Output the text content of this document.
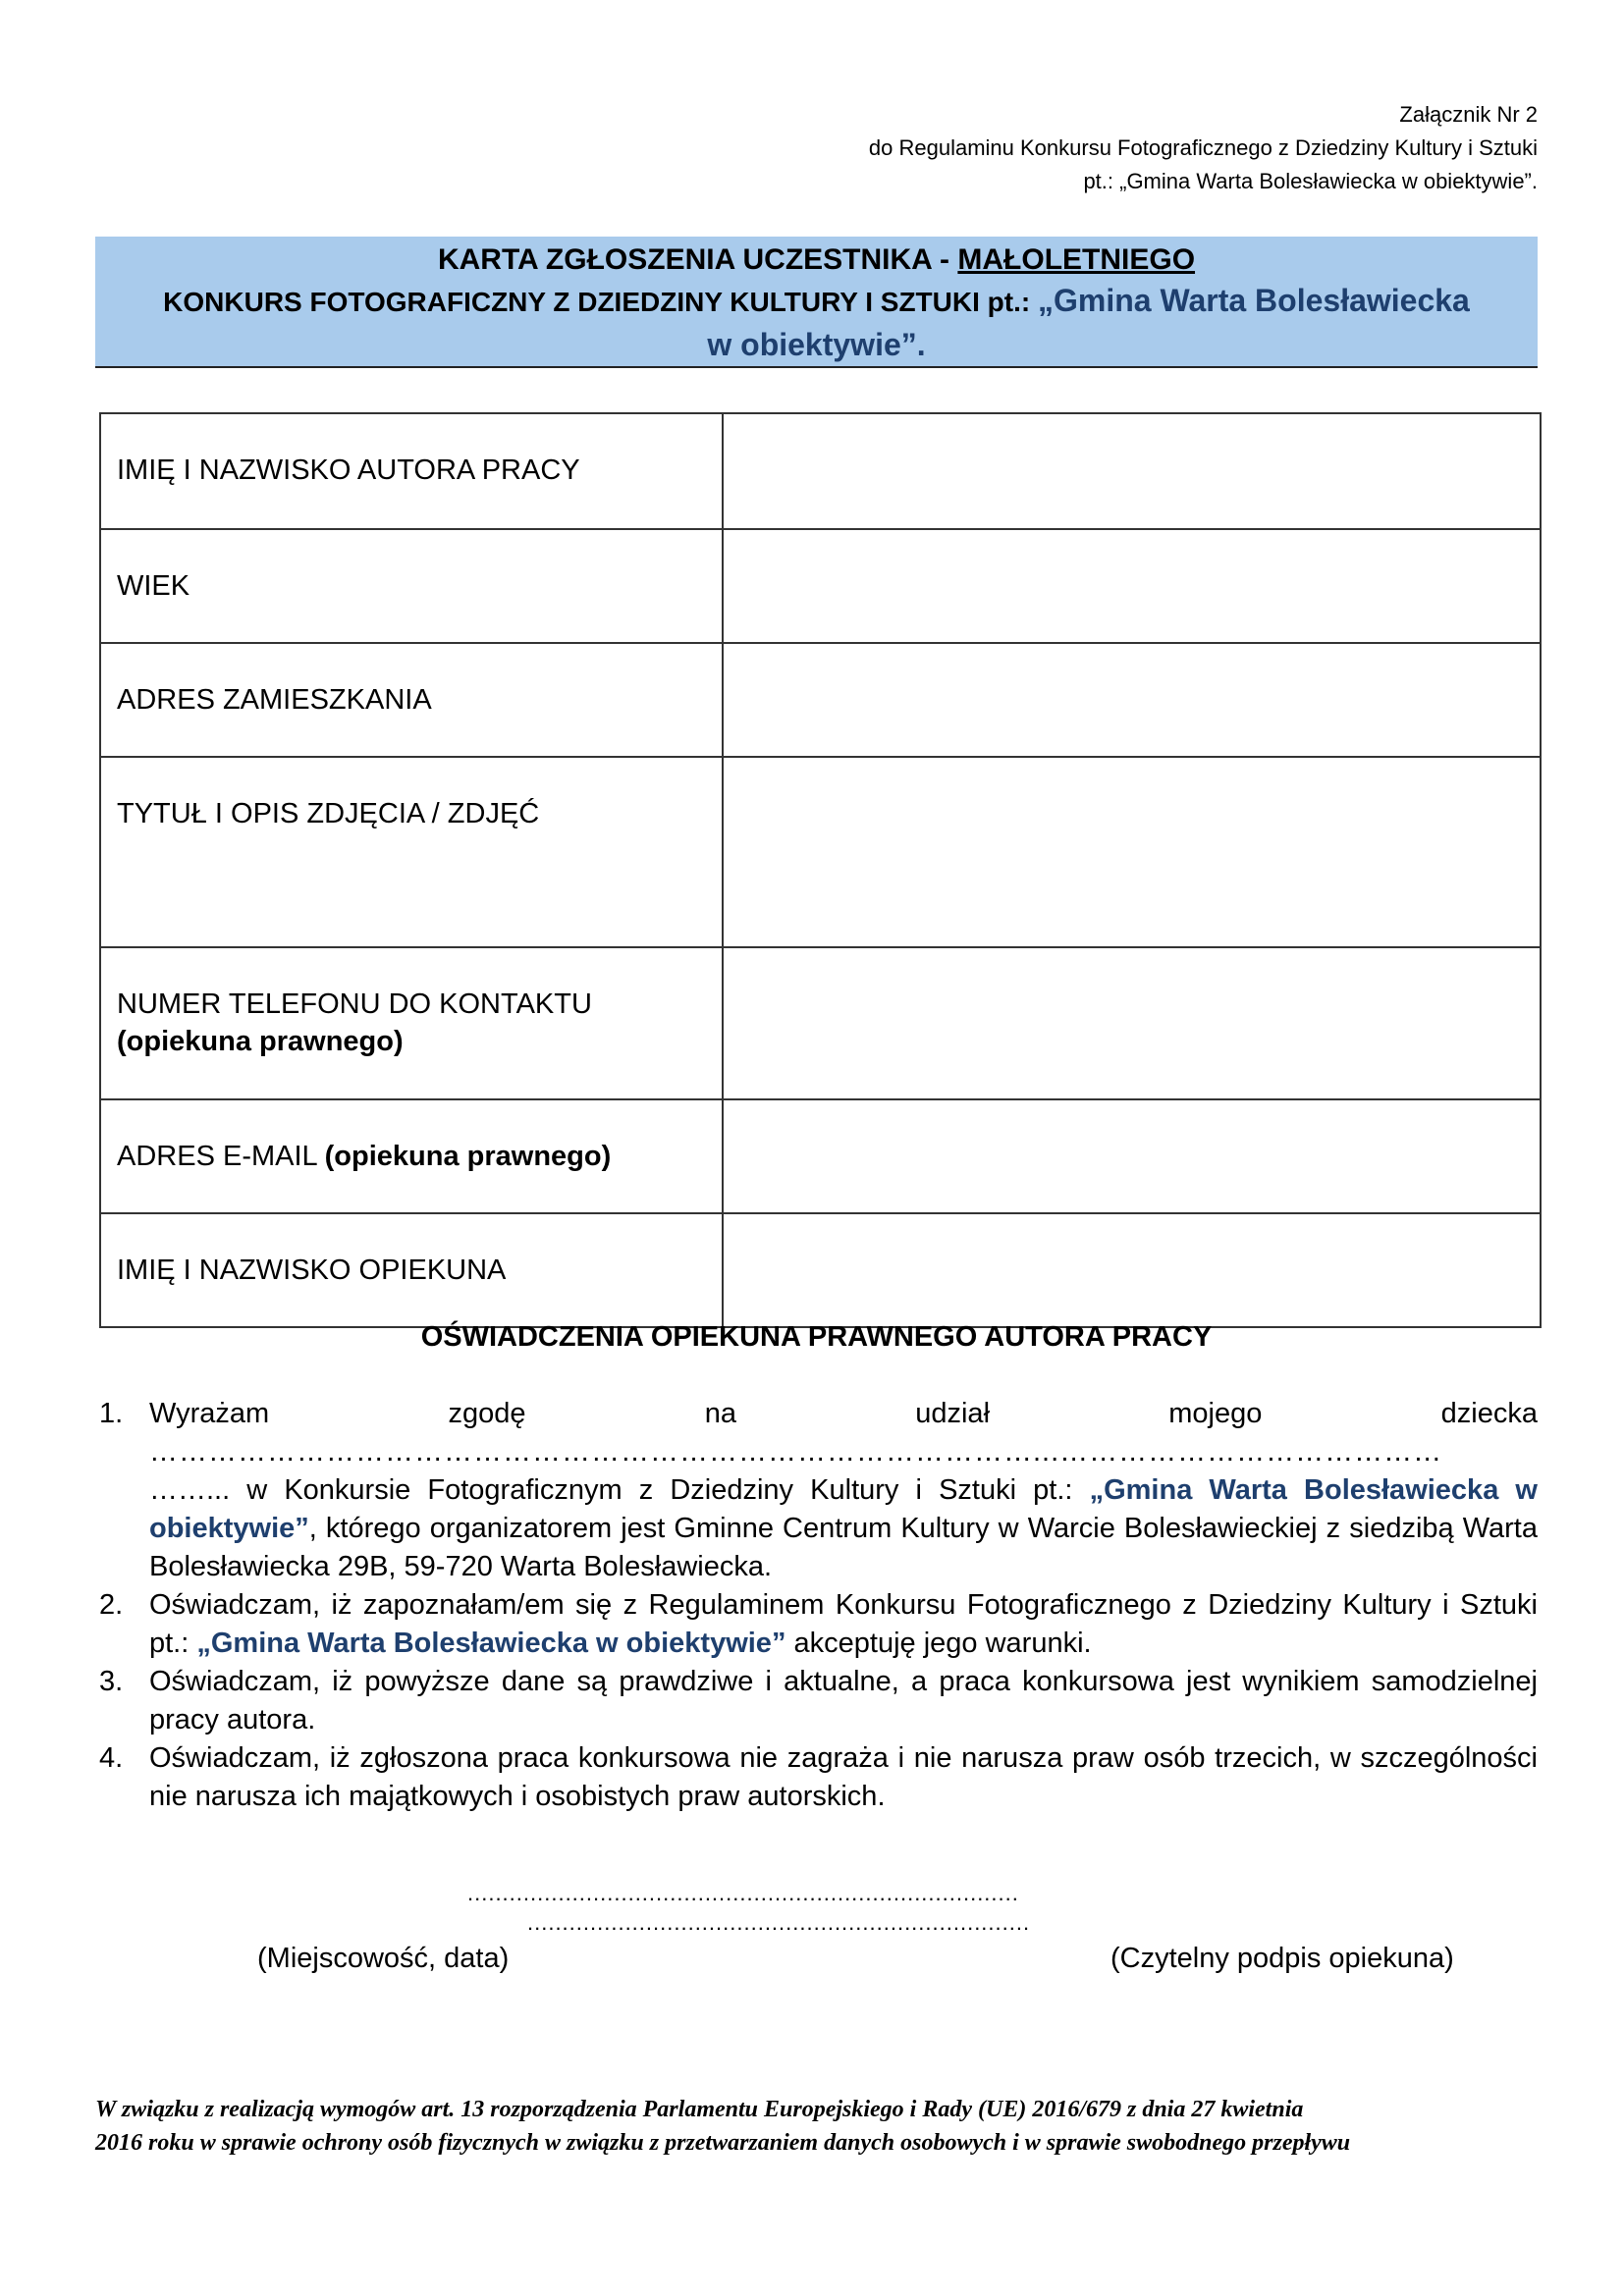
Załącznik Nr 2
do Regulaminu Konkursu Fotograficznego z Dziedziny Kultury i Sztuki
pt.: „Gmina Warta Bolesławiecka w obiektywie”.
KARTA ZGŁOSZENIA UCZESTNIKA - MAŁOLETNIEGO
KONKURS FOTOGRAFICZNY Z DZIEDZINY KULTURY I SZTUKI pt.: „Gmina Warta Bolesławiecka
w obiektywie”.
IMIĘ I NAZWISKO AUTORA PRACY	
WIEK	
ADRES ZAMIESZKANIA	
TYTUŁ I OPIS ZDJĘCIA / ZDJĘĆ	
NUMER TELEFONU DO KONTAKTU
(opiekuna prawnego)	
ADRES E-MAIL (opiekuna prawnego)	
IMIĘ I NAZWISKO OPIEKUNA	
OŚWIADCZENIA OPIEKUNA PRAWNEGO AUTORA PRACY
1. Wyrażam	zgodę	na	udział	mojego	dziecka
………………………………………………………………………………...…………………………………
……... w Konkursie Fotograficznym z Dziedziny Kultury i Sztuki pt.: „Gmina Warta Bolesławiecka w obiektywie”, którego organizatorem jest Gminne Centrum Kultury w Warcie Bolesławieckiej z siedzibą Warta Bolesławiecka 29B, 59-720 Warta Bolesławiecka.
2. Oświadczam, iż zapoznałam/em się z Regulaminem Konkursu Fotograficznego z Dziedziny Kultury i Sztuki pt.: „Gmina Warta Bolesławiecka w obiektywie” akceptuję jego warunki.
3. Oświadczam, iż powyższe dane są prawdziwe i aktualne, a praca konkursowa jest wynikiem samodzielnej pracy autora.
4. Oświadczam, iż zgłoszona praca konkursowa nie zagraża i nie narusza praw osób trzecich, w szczególności nie narusza ich majątkowych i osobistych praw autorskich.
...............................................................................
........................................................................
(Miejscowość, data)	(Czytelny podpis opiekuna)
W związku z realizacją wymogów art. 13 rozporządzenia Parlamentu Europejskiego i Rady (UE) 2016/679 z dnia 27 kwietnia
2016 roku w sprawie ochrony osób fizycznych w związku z przetwarzaniem danych osobowych i w sprawie swobodnego przepływu
